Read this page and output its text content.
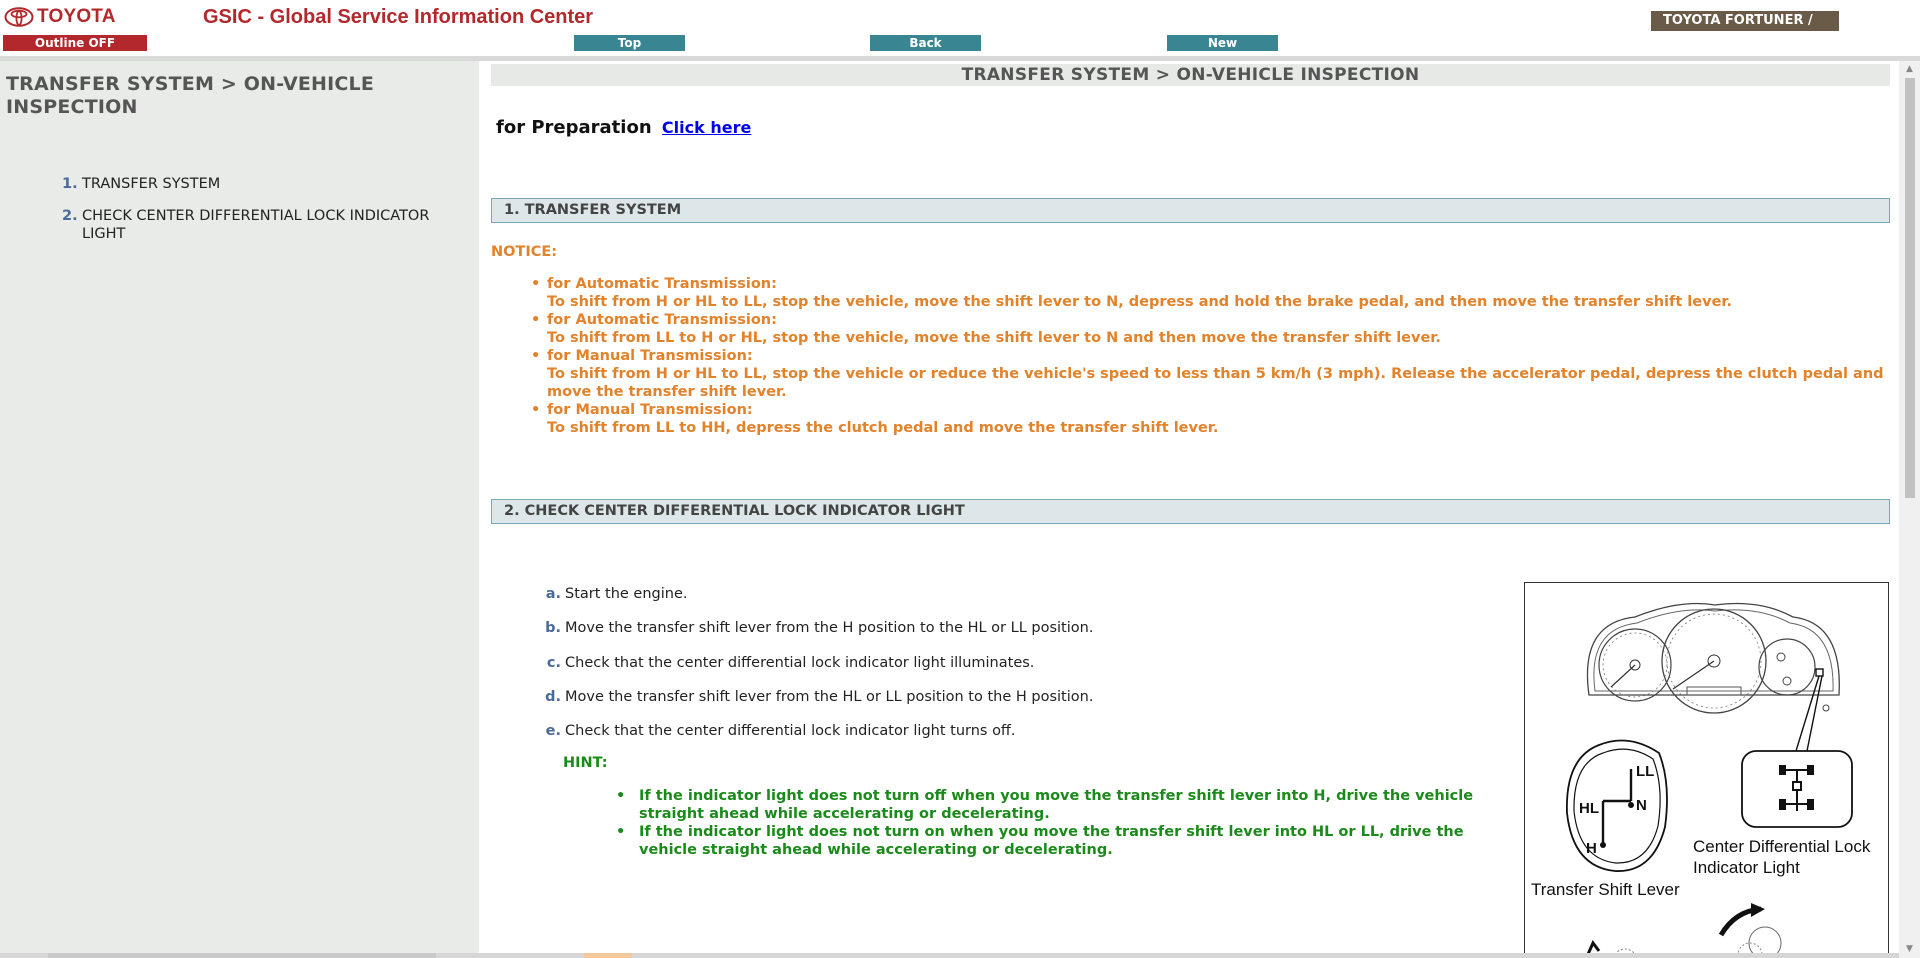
TOYOTA	GSIC - Global Service Information Center	TOYOTA FORTUNER /
Outline OFF	Top	Back	New
TRANSFER SYSTEM > ON-VEHICLE INSPECTION
1. TRANSFER SYSTEM
2. CHECK CENTER DIFFERENTIAL LOCK INDICATOR LIGHT
TRANSFER SYSTEM > ON-VEHICLE INSPECTION
for Preparation Click here
1. TRANSFER SYSTEM
NOTICE:
• for Automatic Transmission:
To shift from H or HL to LL, stop the vehicle, move the shift lever to N, depress and hold the brake pedal, and then move the transfer shift lever.
• for Automatic Transmission:
To shift from LL to H or HL, stop the vehicle, move the shift lever to N and then move the transfer shift lever.
• for Manual Transmission:
To shift from H or HL to LL, stop the vehicle or reduce the vehicle's speed to less than 5 km/h (3 mph). Release the accelerator pedal, depress the clutch pedal and move the transfer shift lever.
• for Manual Transmission:
To shift from LL to HH, depress the clutch pedal and move the transfer shift lever.
2. CHECK CENTER DIFFERENTIAL LOCK INDICATOR LIGHT
a. Start the engine.
b. Move the transfer shift lever from the H position to the HL or LL position.
c. Check that the center differential lock indicator light illuminates.
d. Move the transfer shift lever from the HL or LL position to the H position.
e. Check that the center differential lock indicator light turns off.
HINT:
• If the indicator light does not turn off when you move the transfer shift lever into H, drive the vehicle straight ahead while accelerating or decelerating.
• If the indicator light does not turn on when you move the transfer shift lever into HL or LL, drive the vehicle straight ahead while accelerating or decelerating.
LL
N
HL
H	Center Differential Lock
Indicator Light
Transfer Shift Lever
▲
▼
